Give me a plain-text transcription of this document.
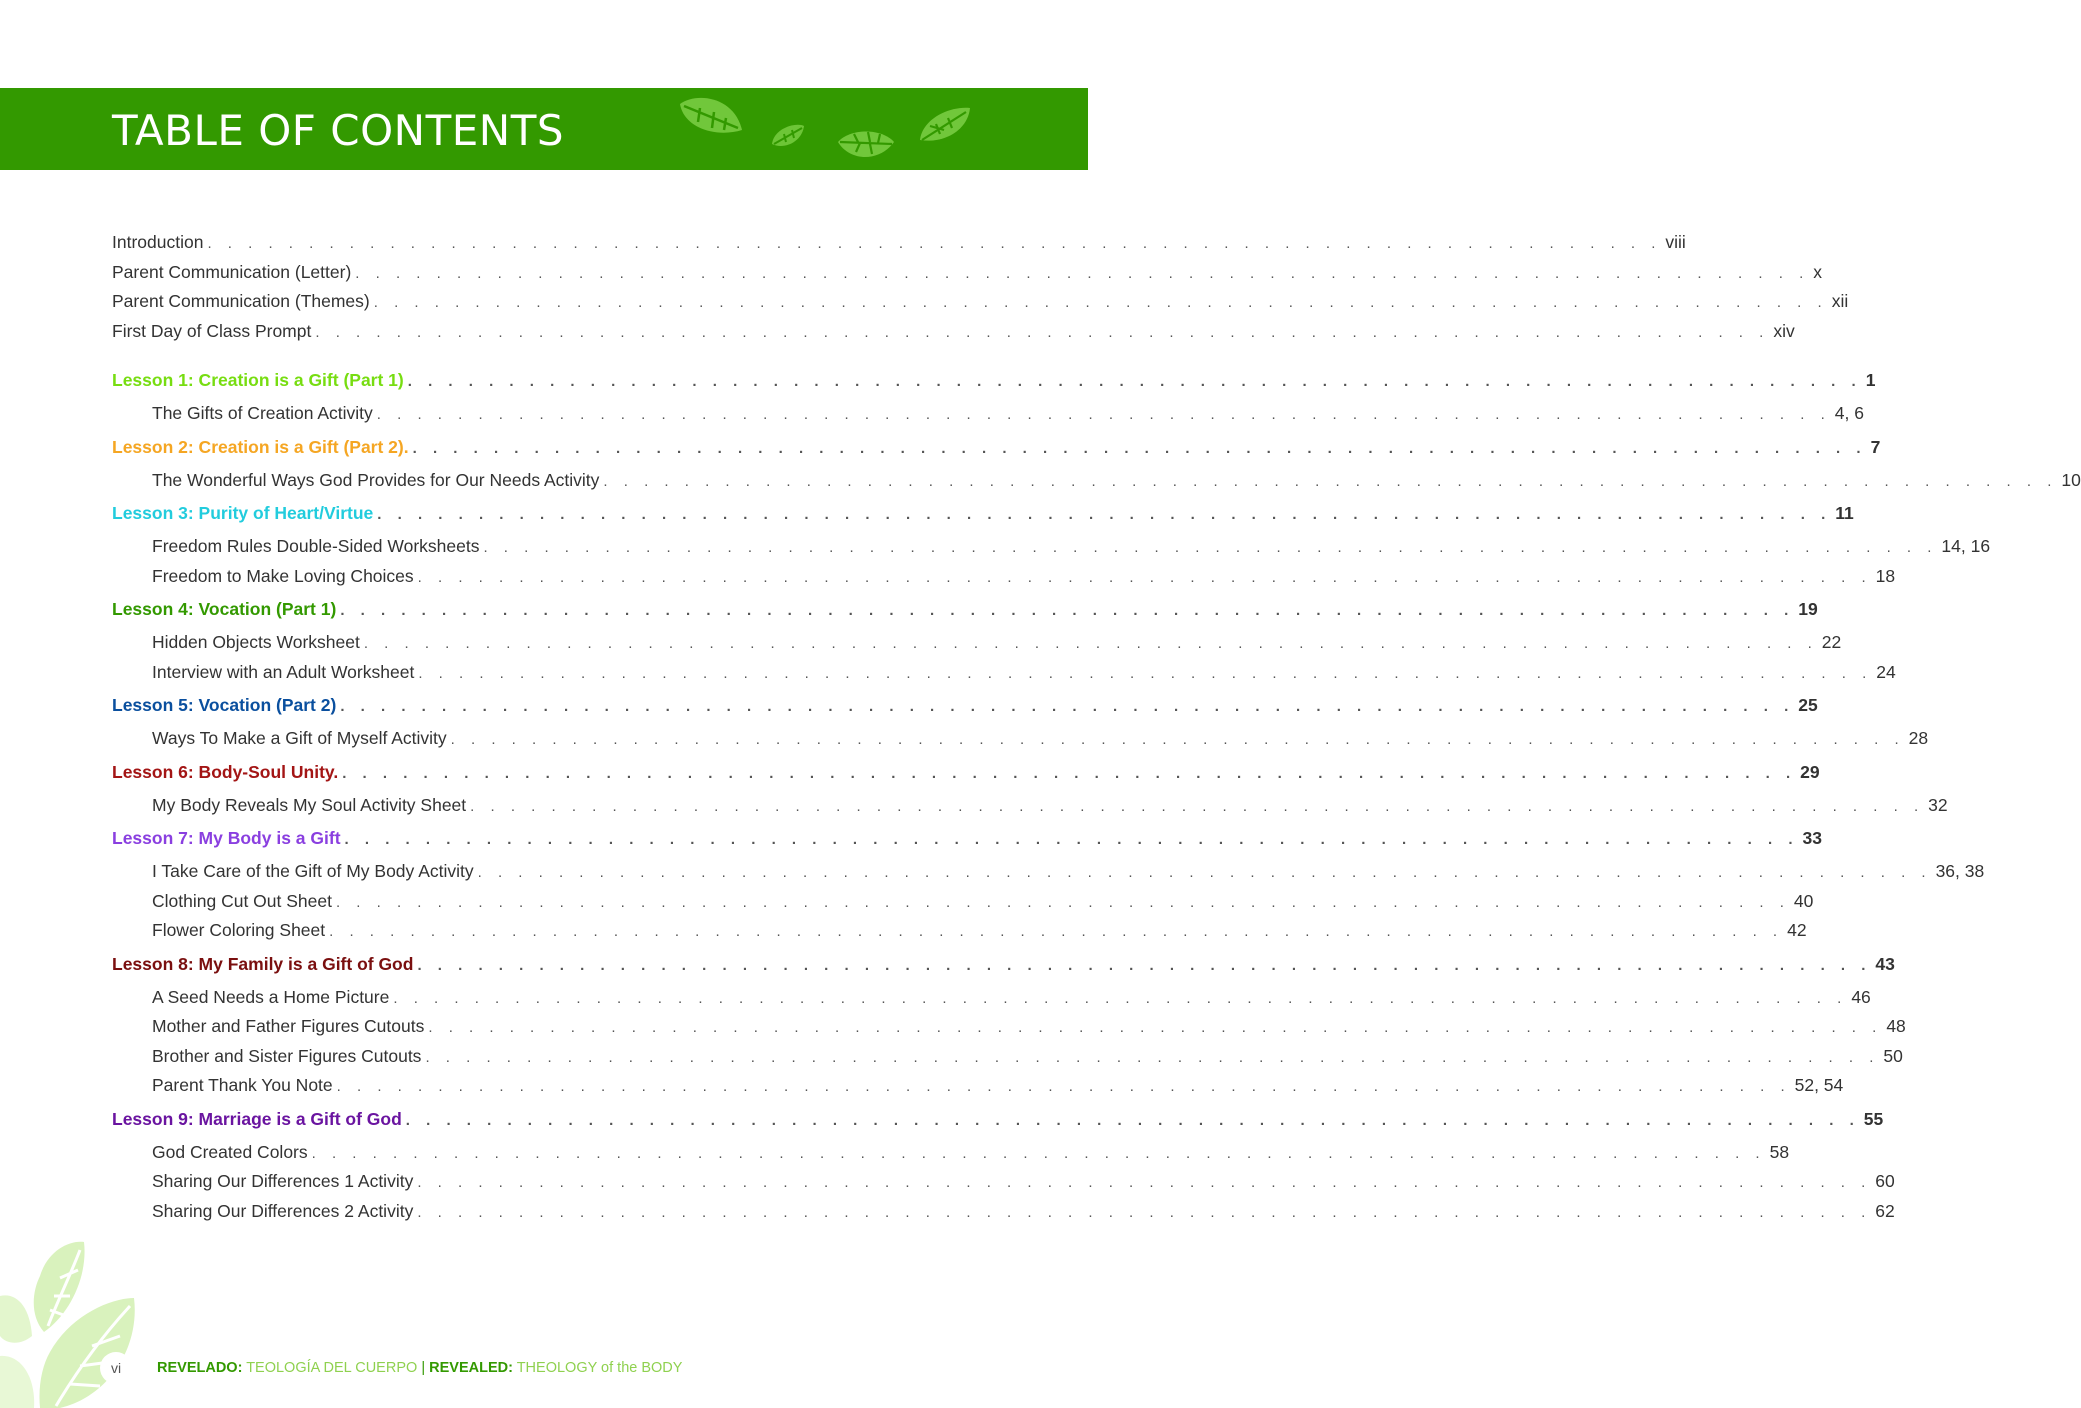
TABLE OF CONTENTS
Introduction . . . . . . . . . . . . . . . . . . . . . . . . . . . . . . . . . . . . . . . . . . . . . . . . . . . . . . . . . . . . . . . . . . . . . . . . viii
Parent Communication (Letter) . . . . . . . . . . . . . . . . . . . . . . . . . . . . . . . . . . . . . . . . . . . . . . . . . . . . . . . . . . . . . . . . . . . . . . . . x
Parent Communication (Themes) . . . . . . . . . . . . . . . . . . . . . . . . . . . . . . . . . . . . . . . . . . . . . . . . . . . . . . . . . . . . . . . . . . . . . . . . xii
First Day of Class Prompt . . . . . . . . . . . . . . . . . . . . . . . . . . . . . . . . . . . . . . . . . . . . . . . . . . . . . . . . . . . . . . . . . . . . . . . . xiv
Lesson 1: Creation is a Gift (Part 1) . . . . . . . . . . . . . . . . . . . . . . . . . . . . . . . . . . . . . . . . . . . . . . . . . . . . . . . . . . . . . . . . . . . . . . . . 1
The Gifts of Creation Activity . . . . . . . . . . . . . . . . . . . . . . . . . . . . . . . . . . . . . . . . . . . . . . . . . . . . . . . . . . . . . . . . . . . . . . . . 4, 6
Lesson 2: Creation is a Gift (Part 2). . . . . . . . . . . . . . . . . . . . . . . . . . . . . . . . . . . . . . . . . . . . . . . . . . . . . . . . . . . . . . . . . . . . . . . . . 7
The Wonderful Ways God Provides for Our Needs Activity . . . . . . . . . . . . . . . . . . . . . . . . . . . . . . . . . . . . . . . . . . . . . . . . . . . . . . . . . . . . . . . . . . . . . . . . 10
Lesson 3: Purity of Heart/Virtue . . . . . . . . . . . . . . . . . . . . . . . . . . . . . . . . . . . . . . . . . . . . . . . . . . . . . . . . . . . . . . . . . . . . . . . . 11
Freedom Rules Double-Sided Worksheets . . . . . . . . . . . . . . . . . . . . . . . . . . . . . . . . . . . . . . . . . . . . . . . . . . . . . . . . . . . . . . . . . . . . . . . . 14, 16
Freedom to Make Loving Choices . . . . . . . . . . . . . . . . . . . . . . . . . . . . . . . . . . . . . . . . . . . . . . . . . . . . . . . . . . . . . . . . . . . . . . . . 18
Lesson 4: Vocation (Part 1) . . . . . . . . . . . . . . . . . . . . . . . . . . . . . . . . . . . . . . . . . . . . . . . . . . . . . . . . . . . . . . . . . . . . . . . . 19
Hidden Objects Worksheet . . . . . . . . . . . . . . . . . . . . . . . . . . . . . . . . . . . . . . . . . . . . . . . . . . . . . . . . . . . . . . . . . . . . . . . . 22
Interview with an Adult Worksheet . . . . . . . . . . . . . . . . . . . . . . . . . . . . . . . . . . . . . . . . . . . . . . . . . . . . . . . . . . . . . . . . . . . . . . . . 24
Lesson 5: Vocation (Part 2) . . . . . . . . . . . . . . . . . . . . . . . . . . . . . . . . . . . . . . . . . . . . . . . . . . . . . . . . . . . . . . . . . . . . . . . . 25
Ways To Make a Gift of Myself Activity . . . . . . . . . . . . . . . . . . . . . . . . . . . . . . . . . . . . . . . . . . . . . . . . . . . . . . . . . . . . . . . . . . . . . . . . 28
Lesson 6: Body-Soul Unity. . . . . . . . . . . . . . . . . . . . . . . . . . . . . . . . . . . . . . . . . . . . . . . . . . . . . . . . . . . . . . . . . . . . . . . . . 29
My Body Reveals My Soul Activity Sheet . . . . . . . . . . . . . . . . . . . . . . . . . . . . . . . . . . . . . . . . . . . . . . . . . . . . . . . . . . . . . . . . . . . . . . . . 32
Lesson 7: My Body is a Gift . . . . . . . . . . . . . . . . . . . . . . . . . . . . . . . . . . . . . . . . . . . . . . . . . . . . . . . . . . . . . . . . . . . . . . . . 33
I Take Care of the Gift of My Body Activity . . . . . . . . . . . . . . . . . . . . . . . . . . . . . . . . . . . . . . . . . . . . . . . . . . . . . . . . . . . . . . . . . . . . . . . . 36, 38
Clothing Cut Out Sheet . . . . . . . . . . . . . . . . . . . . . . . . . . . . . . . . . . . . . . . . . . . . . . . . . . . . . . . . . . . . . . . . . . . . . . . . 40
Flower Coloring Sheet . . . . . . . . . . . . . . . . . . . . . . . . . . . . . . . . . . . . . . . . . . . . . . . . . . . . . . . . . . . . . . . . . . . . . . . . 42
Lesson 8: My Family is a Gift of God . . . . . . . . . . . . . . . . . . . . . . . . . . . . . . . . . . . . . . . . . . . . . . . . . . . . . . . . . . . . . . . . . . . . . . . . 43
A Seed Needs a Home Picture . . . . . . . . . . . . . . . . . . . . . . . . . . . . . . . . . . . . . . . . . . . . . . . . . . . . . . . . . . . . . . . . . . . . . . . . 46
Mother and Father Figures Cutouts . . . . . . . . . . . . . . . . . . . . . . . . . . . . . . . . . . . . . . . . . . . . . . . . . . . . . . . . . . . . . . . . . . . . . . . . 48
Brother and Sister Figures Cutouts . . . . . . . . . . . . . . . . . . . . . . . . . . . . . . . . . . . . . . . . . . . . . . . . . . . . . . . . . . . . . . . . . . . . . . . . 50
Parent Thank You Note . . . . . . . . . . . . . . . . . . . . . . . . . . . . . . . . . . . . . . . . . . . . . . . . . . . . . . . . . . . . . . . . . . . . . . . . 52, 54
Lesson 9: Marriage is a Gift of God . . . . . . . . . . . . . . . . . . . . . . . . . . . . . . . . . . . . . . . . . . . . . . . . . . . . . . . . . . . . . . . . . . . . . . . . 55
God Created Colors . . . . . . . . . . . . . . . . . . . . . . . . . . . . . . . . . . . . . . . . . . . . . . . . . . . . . . . . . . . . . . . . . . . . . . . . 58
Sharing Our Differences 1 Activity . . . . . . . . . . . . . . . . . . . . . . . . . . . . . . . . . . . . . . . . . . . . . . . . . . . . . . . . . . . . . . . . . . . . . . . . 60
Sharing Our Differences 2 Activity . . . . . . . . . . . . . . . . . . . . . . . . . . . . . . . . . . . . . . . . . . . . . . . . . . . . . . . . . . . . . . . . . . . . . . . . 62
vi	REVELADO: TEOLOGÍA DEL CUERPO | REVEALED: THEOLOGY of the BODY
